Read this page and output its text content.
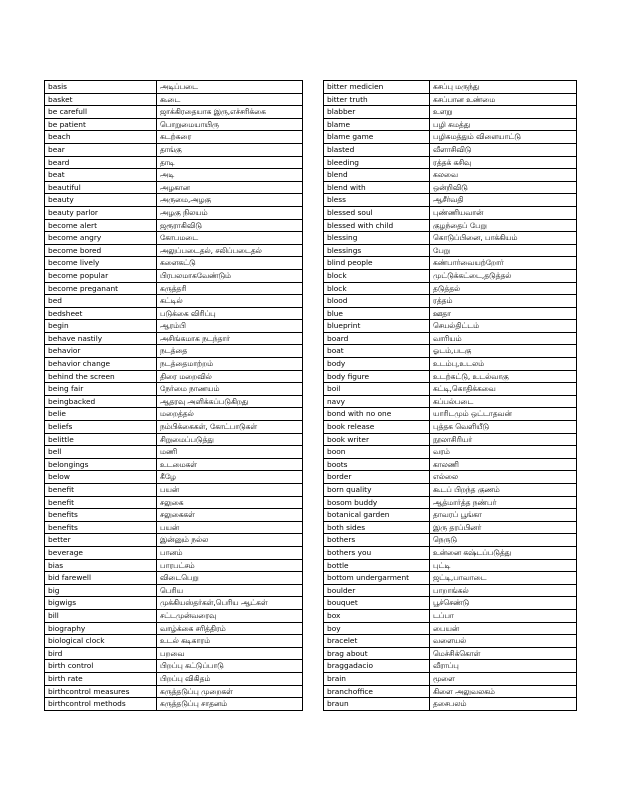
basis	அடிப்படை
basket	கூடை
be carefull	ஜாக்கிரதையாக இரு,எச்சரிக்கை
be patient	பொறுமையாயிரு
beach	கடற்கரை
bear	தாங்கு
beard	தாடி
beat	அடி
beautiful	அழகான
beauty	அருமை,அழகு
beauty parlor	அழகு நிலயம்
become alert	ஜரூராகிவிடு
become angry	கோபமடை
become bored	அலுப்படைதல், சலிப்படைதல்
become lively	களைகட்டு
become popular	பிரபலமாகவேண்டும்
become preganant	கருத்தரி
bed	கட்டில்
bedsheet	படுக்கை விரிப்பு
begin	ஆரம்பி
behave nastily	அசிங்கமாக நடந்தார்
behavior	நடத்தை
behavior change	நடத்தைமாற்றம்
behind the screen	திரை மறைவில்
being fair	நேர்மை நாணயம்
beingbacked	ஆதரவு அளிக்கப்படுகிறது
belie	மறைத்தல்
beliefs	நம்பிக்கைகள், கோட்பாடுகள்
belittle	சிறுமைப்படுத்து
bell	மணி
belongings	உடமைகள்
below	கீழே
benefit	பயன்
benefit	சலுகை
benefits	சலுகைகள்
benefits	பயன்
better	இன்னும் நல்ல
beverage	பானம்
bias	பாரபட்சம்
bid farewell	விடைபெறு
big	பெரிய
bigwigs	முக்கியஸ்தர்கள்,பெரிய ஆட்கள்
bill	சட்டமுன்வரைவு
biography	வாழ்க்கை சரித்திரம்
biological clock	உடல் கடிகாரம்
bird	பறவை
birth control	பிறப்பு கட்டுப்பாடு
birth rate	பிறப்பு விகிதம்
birthcontrol measures	கருத்தடுப்பு முறைகள்
birthcontrol methods	கருத்தடுப்பு சாதனம்
bitter medicien	கசப்பு மருந்து
bitter truth	கசப்பான உண்மை
blabber	உளறு
blame	பழி சுமத்து
blame game	பழிசுமத்தும் விளையாட்டு
blasted	வீளாசிவிடு
bleeding	ரத்தக் கசிவு
blend	கலவை
blend with	ஒன்றிவிடு
bless	ஆசீர்வதி
blessed soul	புண்ணியவான்
blessed with child	குழந்தைப் பேறு
blessing	கொடுப்பினை, பாக்கியம்
blessings	பேறு
blind people	கண்பார்வையற்றோர்
block	முட்டுக்கட்டை,தடுத்தல்
block	தடுத்தல்
blood	ரத்தம்
blue	ஊதா
blueprint	செயல்திட்டம்
board	வாரியம்
boat	ஓடம்,படகு
body	உடம்பு,உடலம்
body figure	உடற்கட்டு, உடல்வாகு
boil	கட்டி,கொதிக்கவை
navy	கப்பல்படை
bond with no one	யாரிடமும் ஒட்டாதவன்
book release	புத்தக வெளியீடு
book writer	நூலாசிரியர்
boon	வரம்
boots	காலணி
border	எல்லை
born quality	கூடப் பிறந்த குணம்
bosom buddy	ஆத்மார்த்த நண்பர்
botanical garden	தாவரப் பூங்கா
both sides	இரு தரப்பினர்
bothers	நெருடு
bothers you	உன்னை கஷ்டப்படுத்து
bottle	புட்டி
bottom undergarment	ஜட்டி,பாவாடை
boulder	பாறாங்கல்
bouquet	பூச்செண்டு
box	டப்பா
boy	பையன்
bracelet	வளையல்
brag about	மெச்சிக்கொள்
braggadacio	வீராப்பு
brain	மூளை
branchoffice	கிளை அலுவலகம்
braun	தசைபலம்
